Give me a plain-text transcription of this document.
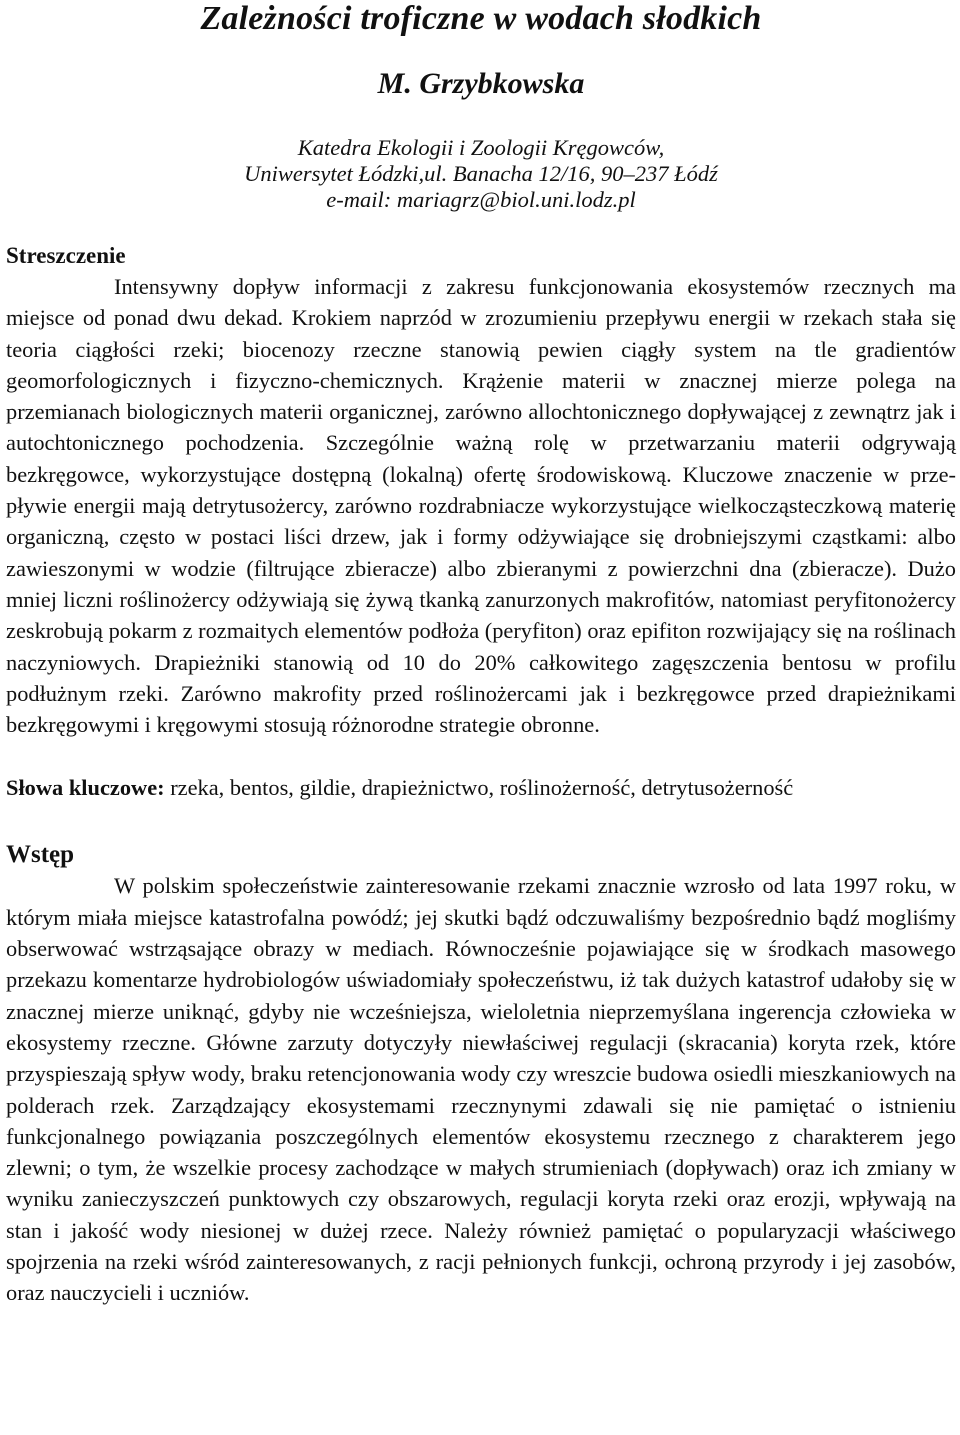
Zależności troficzne w wodach słodkich
M. Grzybkowska
Katedra Ekologii i Zoologii Kręgowców,
Uniwersytet Łódzki,ul. Banacha 12/16, 90–237 Łódź
e-mail: mariagrz@biol.uni.lodz.pl
Streszczenie

Intensywny dopływ informacji z zakresu funkcjonowania ekosystemów rzecznych ma miejsce od ponad dwu dekad. Krokiem naprzód w zrozumieniu przepływu energii w rzekach stała się teoria ciągłości rzeki; biocenozy rzeczne stanowią pewien ciągły system na tle gradientów geomorfologicznych i fizyczno-chemicznych. Krążenie materii w znacznej mierze polega na przemianach biologicznych materii organicznej, zarówno allochtonicznego dopływającej z zewnątrz jak i autochtonicznego pochodzenia. Szczególnie ważną rolę w przetwarzaniu materii odgrywają bezkręgowce, wykorzystujące dostępną (lokalną) ofertę środowiskową. Kluczowe znaczenie w przepływie energii mają detrytusożercy, zarówno rozdrabniacze wykorzystujące wielkocząsteczkową materię organiczną, często w postaci liści drzew, jak i formy odżywiające się drobniejszymi cząstkami: albo zawieszonymi w wodzie (filtrujące zbieracze) albo zbieranymi z powierzchni dna (zbieracze). Dużo mniej liczni roślinożercy odżywiają się żywą tkanką zanurzonych makrofitów, natomiast peryfitonożercy zeskrobują pokarm z rozmaitych elementów podłoża (peryfiton) oraz epifiton rozwijający się na roślinach naczyniowych. Drapieżniki stanowią od 10 do 20% całkowitego zagęszczenia bentosu w profilu podłużnym rzeki. Zarówno makrofity przed roślinożercami jak i bezkręgowce przed drapieżnikami bezkręgowymi i kręgowymi stosują różnorodne strategie obronne.

Słowa kluczowe: rzeka, bentos, gildie, drapieżnictwo, roślinożerność, detrytusożerność

Wstęp

W polskim społeczeństwie zainteresowanie rzekami znacznie wzrosło od lata 1997 roku, w którym miała miejsce katastrofalna powódź; jej skutki bądź odczuwaliśmy bezpośrednio bądź mogliśmy obserwować wstrząsające obrazy w mediach. Równocześnie pojawiające się w środkach masowego przekazu komentarze hydrobiologów uświadomiały społeczeństwu, iż tak dużych katastrof udałoby się w znacznej mierze uniknąć, gdyby nie wcześniejsza, wieloletnia nieprzemyślana ingerencja człowieka w ekosystemy rzeczne. Główne zarzuty dotyczyły niewłaściwej regulacji (skracania) koryta rzek, które przyspieszają spływ wody, braku retencjonowania wody czy wreszcie budowa osiedli mieszkaniowych na polderach rzek. Zarządzający ekosystemami rzecznynymi zdawali się nie pamiętać o istnieniu funkcjonalnego powiązania poszczególnych elementów ekosystemu rzecznego z charakterem jego zlewni; o tym, że wszelkie procesy zachodzące w małych strumieniach (dopływach) oraz ich zmiany w wyniku zanieczyszczeń punktowych czy obszarowych, regulacji koryta rzeki oraz erozji, wpływają na stan i jakość wody niesionej w dużej rzece. Należy również pamiętać o popularyzacji właściwego spojrzenia na rzeki wśród zainteresowanych, z racji pełnionych funkcji, ochroną przyrody i jej zasobów, oraz nauczycieli i uczniów.
